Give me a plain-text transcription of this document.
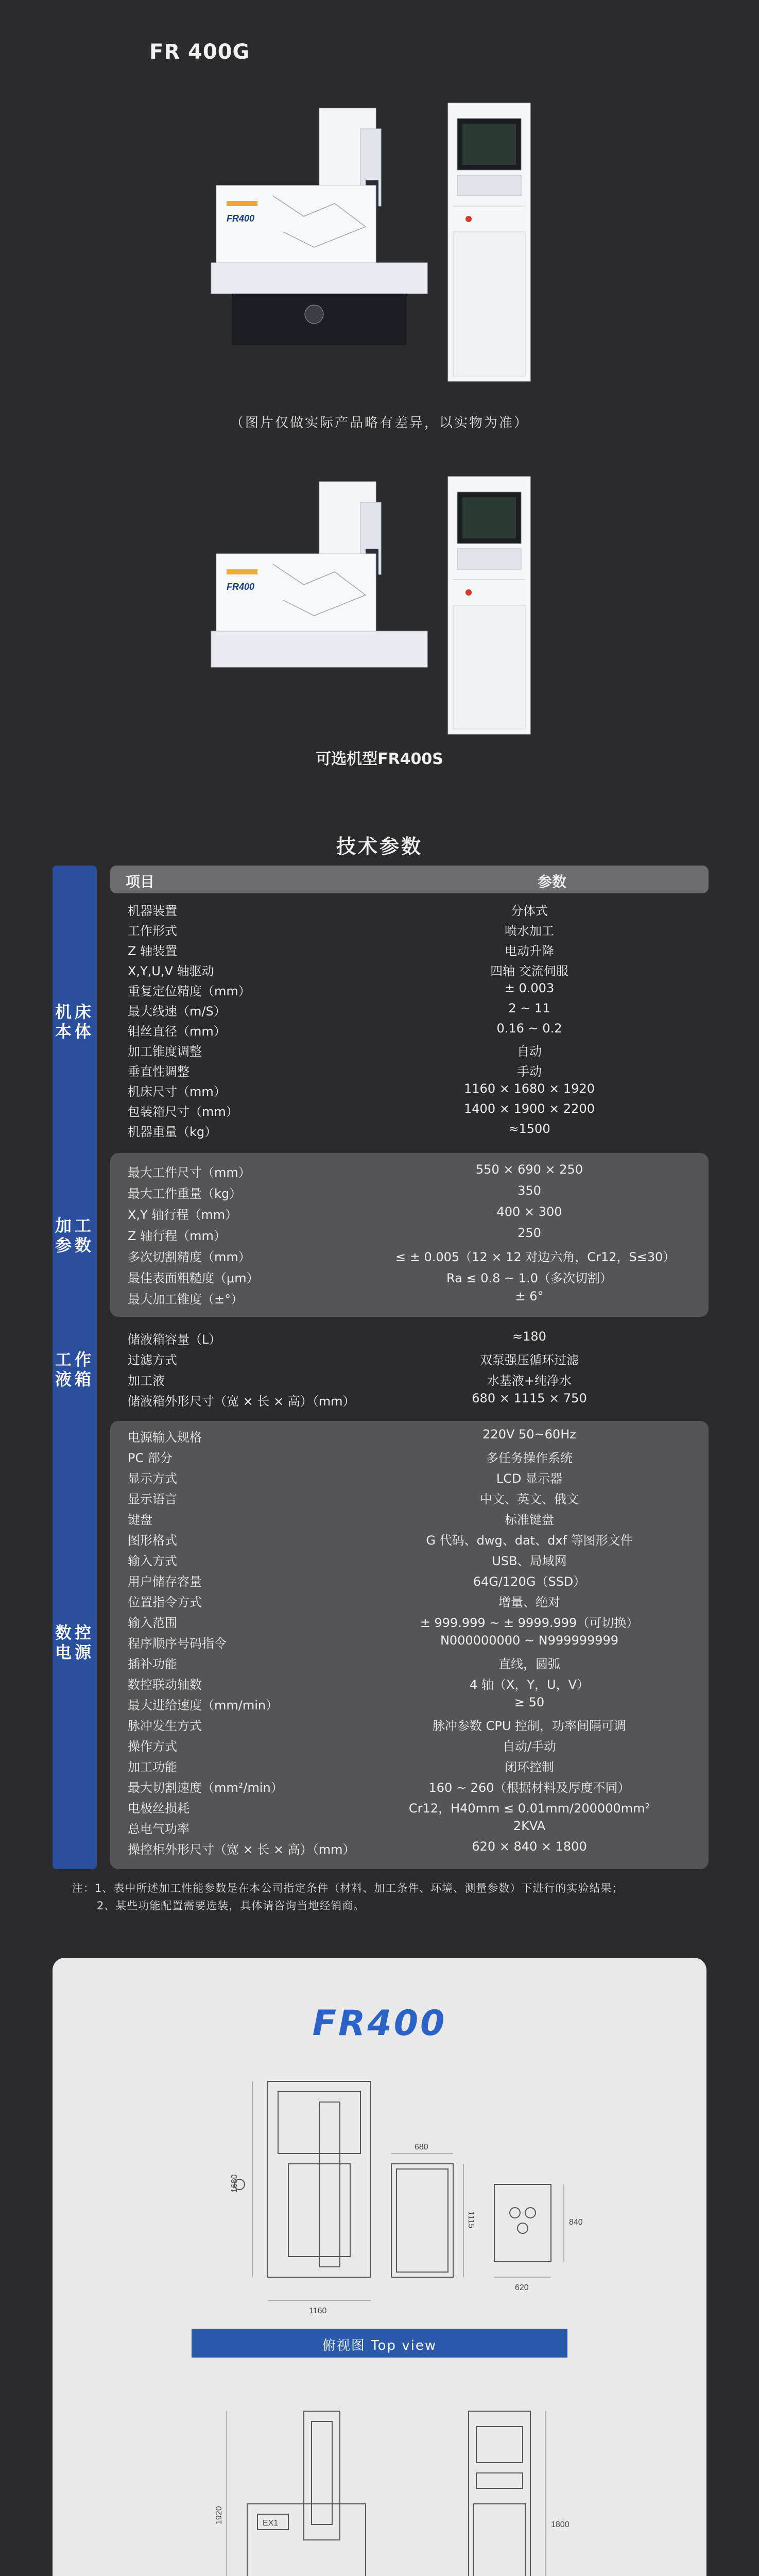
FR 400G
FR400
（图片仅做实际产品略有差异，以实物为准）
FR400
可选机型FR400S
技术参数
项目	参数
机床本体
加工参数
工作液箱
数控电源
机器装置	分体式
工作形式	喷水加工
Z 轴装置	电动升降
X,Y,U,V 轴驱动	四轴 交流伺服
重复定位精度（mm）	± 0.003
最大线速（m/S）	2 ~ 11
钼丝直径（mm）	0.16 ~ 0.2
加工锥度调整	自动
垂直性调整	手动
机床尺寸（mm）	1160 × 1680 × 1920
包装箱尺寸（mm）	1400 × 1900 × 2200
机器重量（kg）	≈1500
最大工件尺寸（mm）	550 × 690 × 250
最大工件重量（kg）	350
X,Y 轴行程（mm）	400 × 300
Z 轴行程（mm）	250
多次切割精度（mm）	≤ ± 0.005（12 × 12 对边六角，Cr12，S≤30）
最佳表面粗糙度（μm）	Ra ≤ 0.8 ~ 1.0（多次切割）
最大加工锥度（±°）	± 6°
储液箱容量（L）	≈180
过滤方式	双泵强压循环过滤
加工液	水基液+纯净水
储液箱外形尺寸（宽 × 长 × 高）（mm）	680 × 1115 × 750
电源输入规格	220V 50~60Hz
PC 部分	多任务操作系统
显示方式	LCD 显示器
显示语言	中文、英文、俄文
键盘	标准键盘
图形格式	G 代码、dwg、dat、dxf 等图形文件
输入方式	USB、局域网
用户储存容量	64G/120G（SSD）
位置指令方式	增量、绝对
输入范围	± 999.999 ~ ± 9999.999（可切换）
程序顺序号码指令	N000000000 ~ N999999999
插补功能	直线，圆弧
数控联动轴数	4 轴（X，Y，U，V）
最大进给速度（mm/min）	≥ 50
脉冲发生方式	脉冲参数 CPU 控制，功率间隔可调
操作方式	自动/手动
加工功能	闭环控制
最大切割速度（mm²/min）	160 ~ 260（根据材料及厚度不同）
电极丝损耗	Cr12，H40mm ≤ 0.01mm/200000mm²
总电气功率	2KVA
操控柜外形尺寸（宽 × 长 × 高）（mm）	620 × 840 × 1800
注：1、表中所述加工性能参数是在本公司指定条件（材料、加工条件、环境、测量参数）下进行的实验结果；
2、某些功能配置需要选装，具体请咨询当地经销商。
FR400
1680
1160
680
1115
620
840
俯视图 Top view
1920
1800
EX1
